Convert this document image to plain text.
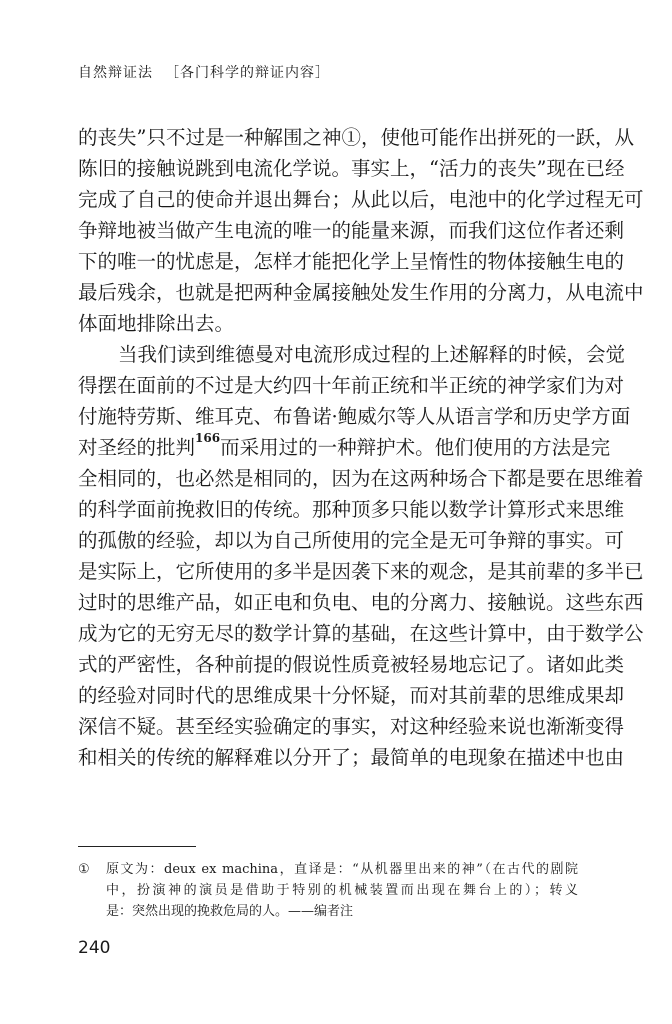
自然辩证法 ［各门科学的辩证内容］
的丧失”只不过是一种解围之神①，使他可能作出拼死的一跃，从
陈旧的接触说跳到电流化学说。事实上，“活力的丧失”现在已经
完成了自己的使命并退出舞台；从此以后，电池中的化学过程无可
争辩地被当做产生电流的唯一的能量来源，而我们这位作者还剩
下的唯一的忧虑是，怎样才能把化学上呈惰性的物体接触生电的
最后残余，也就是把两种金属接触处发生作用的分离力，从电流中
体面地排除出去。
当我们读到维德曼对电流形成过程的上述解释的时候，会觉
得摆在面前的不过是大约四十年前正统和半正统的神学家们为对
付施特劳斯、维耳克、布鲁诺·鲍威尔等人从语言学和历史学方面
对圣经的批判$^{166}$而采用过的一种辩护术。他们使用的方法是完
全相同的，也必然是相同的，因为在这两种场合下都是要在思维着
的科学面前挽救旧的传统。那种顶多只能以数学计算形式来思维
的孤傲的经验，却以为自己所使用的完全是无可争辩的事实。可
是实际上，它所使用的多半是因袭下来的观念，是其前辈的多半已
过时的思维产品，如正电和负电、电的分离力、接触说。这些东西
成为它的无穷无尽的数学计算的基础，在这些计算中，由于数学公
式的严密性，各种前提的假说性质竟被轻易地忘记了。诸如此类
的经验对同时代的思维成果十分怀疑，而对其前辈的思维成果却
深信不疑。甚至经实验确定的事实，对这种经验来说也渐渐变得
和相关的传统的解释难以分开了；最简单的电现象在描述中也由
①	原文为：deux ex machina，直译是：“从机器里出来的神”（在古代的剧院
中，扮演神的演员是借助于特别的机械装置而出现在舞台上的）；转义
是：突然出现的挽救危局的人。——编者注
240
